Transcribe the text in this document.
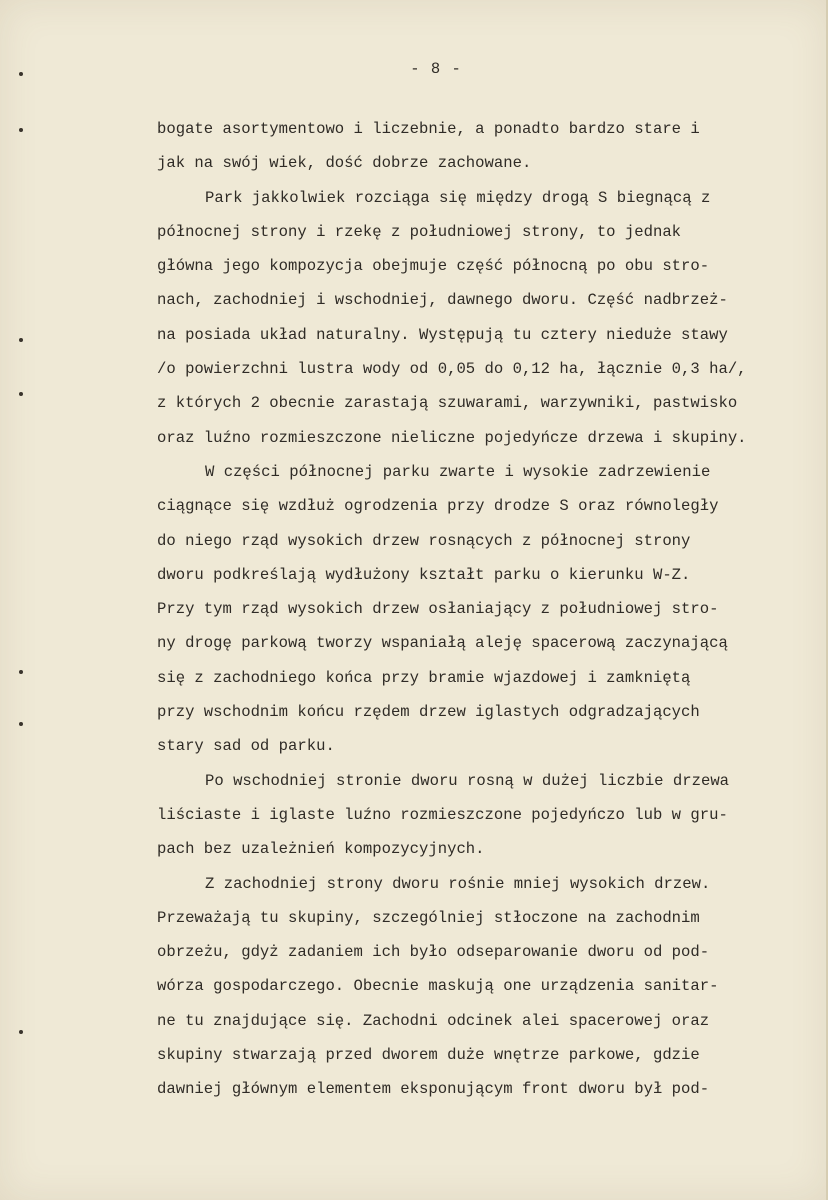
- 8 -
bogate asortymentowo i liczebnie, a ponadto bardzo stare i
jak na swój wiek, dość dobrze zachowane.
Park jakkolwiek rozciąga się między drogą S biegnącą z
północnej strony i rzekę z południowej strony, to jednak
główna jego kompozycja obejmuje część północną po obu stro-
nach, zachodniej i wschodniej, dawnego dworu. Część nadbrzeż-
na posiada układ naturalny. Występują tu cztery nieduże stawy
/o powierzchni lustra wody od 0,05 do 0,12 ha, łącznie 0,3 ha/,
z których 2 obecnie zarastają szuwarami, warzywniki, pastwisko
oraz luźno rozmieszczone nieliczne pojedyńcze drzewa i skupiny.
W części północnej parku zwarte i wysokie zadrzewienie
ciągnące się wzdłuż ogrodzenia przy drodze S oraz równoległy
do niego rząd wysokich drzew rosnących z północnej strony
dworu podkreślają wydłużony kształt parku o kierunku W-Z.
Przy tym rząd wysokich drzew osłaniający z południowej stro-
ny drogę parkową tworzy wspaniałą aleję spacerową zaczynającą
się z zachodniego końca przy bramie wjazdowej i zamkniętą
przy wschodnim końcu rzędem drzew iglastych odgradzających
stary sad od parku.
Po wschodniej stronie dworu rosną w dużej liczbie drzewa
liściaste i iglaste luźno rozmieszczone pojedyńczo lub w gru-
pach bez uzależnień kompozycyjnych.
Z zachodniej strony dworu rośnie mniej wysokich drzew.
Przeważają tu skupiny, szczególniej stłoczone na zachodnim
obrzeżu, gdyż zadaniem ich było odseparowanie dworu od pod-
wórza gospodarczego. Obecnie maskują one urządzenia sanitar-
ne tu znajdujące się. Zachodni odcinek alei spacerowej oraz
skupiny stwarzają przed dworem duże wnętrze parkowe, gdzie
dawniej głównym elementem eksponującym front dworu był pod-
